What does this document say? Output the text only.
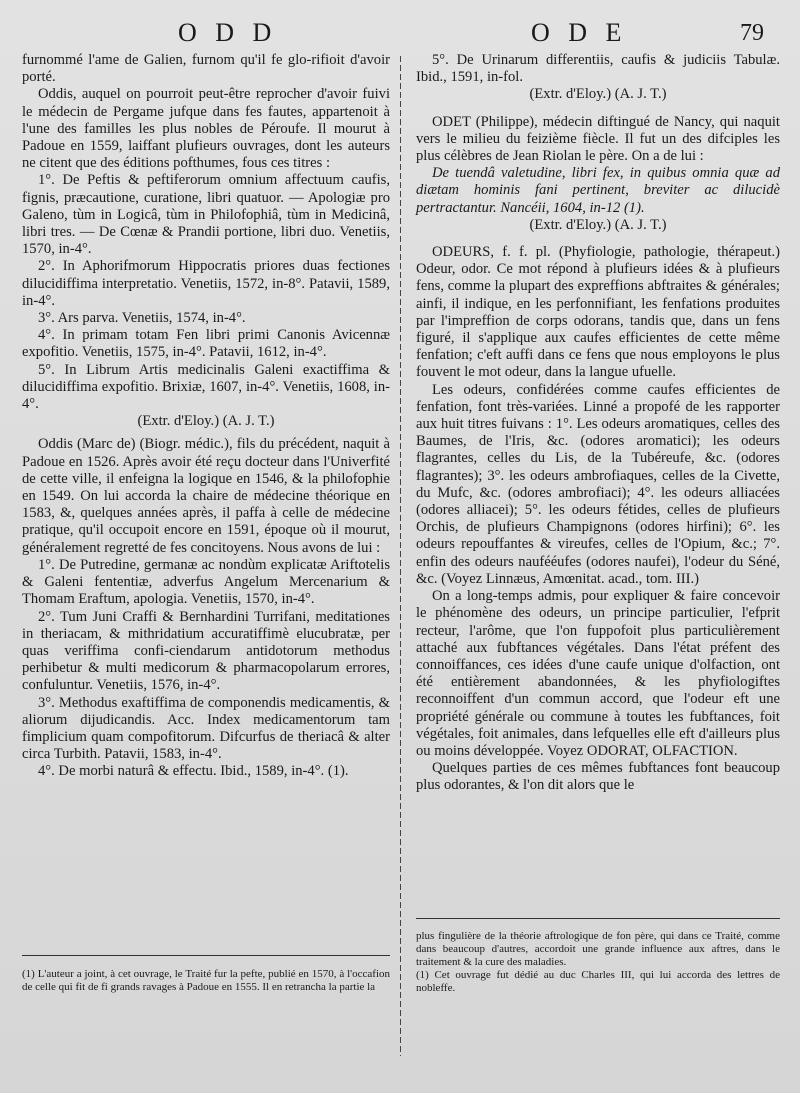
O D D	O D E	79

furnommé l'ame de Galien, furnom qu'il fe glo-rifioit d'avoir porté.

Oddis, auquel on pourroit peut-être reprocher d'avoir fuivi le médecin de Pergame jufque dans fes fautes, appartenoit à l'une des familles les plus nobles de Péroufe. Il mourut à Padoue en 1559, laiffant plufieurs ouvrages, dont les auteurs ne citent que des éditions pofthumes, fous ces titres :

1°. De Peftis & peftiferorum omnium affectuum caufis, fignis, præcautione, curatione, libri quatuor. — Apologiæ pro Galeno, tùm in Logicâ, tùm in Philofophiâ, tùm in Medicinâ, libri tres. — De Cœnæ & Prandii portione, libri duo. Venetiis, 1570, in-4°.

2°. In Aphorifmorum Hippocratis priores duas fectiones dilucidiffima interpretatio. Venetiis, 1572, in-8°. Patavii, 1589, in-4°.

3°. Ars parva. Venetiis, 1574, in-4°.

4°. In primam totam Fen libri primi Canonis Avicennæ expofitio. Venetiis, 1575, in-4°. Patavii, 1612, in-4°.

5°. In Librum Artis medicinalis Galeni exactiffima & dilucidiffima expofitio. Brixiæ, 1607, in-4°. Venetiis, 1608, in-4°.

(Extr. d'Eloy.) (A. J. T.)

Oddis (Marc de) (Biogr. médic.), fils du précédent, naquit à Padoue en 1526. Après avoir été reçu docteur dans l'Univerfité de cette ville, il enfeigna la logique en 1546, & la philofophie en 1549. On lui accorda la chaire de médecine théorique en 1583, &, quelques années après, il paffa à celle de médecine pratique, qu'il occupoit encore en 1591, époque où il mourut, généralement regretté de fes concitoyens. Nous avons de lui :

1°. De Putredine, germanæ ac nondùm explicatæ Ariftotelis & Galeni fententiæ, adverfus Angelum Mercenarium & Thomam Eraftum, apologia. Venetiis, 1570, in-4°.

2°. Tum Juni Craffi & Bernhardini Turrifani, meditationes in theriacam, & mithridatium accuratiffimè elucubratæ, per quas veriffima confi-ciendarum antidotorum methodus perhibetur & multi medicorum & pharmacopolarum errores, confuluntur. Venetiis, 1576, in-4°.

3°. Methodus exaftiffima de componendis medicamentis, & aliorum dijudicandis. Acc. Index medicamentorum tam fimplicium quam compofitorum. Difcurfus de theriacâ & alter circa Turbith. Patavii, 1583, in-4°.

4°. De morbi naturâ & effectu. Ibid., 1589, in-4°. (1).

(1) L'auteur a joint, à cet ouvrage, le Traité fur la pefte, publié en 1570, à l'occafion de celle qui fit de fi grands ravages à Padoue en 1555. Il en retrancha la partie la

5°. De Urinarum differentiis, caufis & judiciis Tabulæ. Ibid., 1591, in-fol.

(Extr. d'Eloy.) (A. J. T.)

ODET (Philippe), médecin diftingué de Nancy, qui naquit vers le milieu du feizième fiècle. Il fut un des difciples les plus célèbres de Jean Riolan le père. On a de lui :

De tuendâ valetudine, libri fex, in quibus omnia quæ ad diætam hominis fani pertinent, breviter ac dilucidè pertractantur. Nancéii, 1604, in-12 (1).

(Extr. d'Eloy.) (A. J. T.)

ODEURS, f. f. pl. (Phyfiologie, pathologie, thérapeut.) Odeur, odor. Ce mot répond à plufieurs idées & à plufieurs fens, comme la plupart des expreffions abftraites & générales; ainfi, il indique, en les perfonnifiant, les fenfations produites par l'impreffion de corps odorans, tandis que, dans un fens figuré, il s'applique aux caufes efficientes de cette même fenfation; c'eft auffi dans ce fens que nous employons le plus fouvent le mot odeur, dans la langue ufuelle.

Les odeurs, confidérées comme caufes efficientes de fenfation, font très-variées. Linné a propofé de les rapporter aux huit titres fuivans : 1°. Les odeurs aromatiques, celles des Baumes, de l'Iris, &c. (odores aromatici); les odeurs flagrantes, celles du Lis, de la Tubéreufe, &c. (odores flagrantes); 3°. les odeurs ambrofiaques, celles de la Civette, du Mufc, &c. (odores ambrofiaci); 4°. les odeurs alliacées (odores alliacei); 5°. les odeurs fétides, celles de plufieurs Orchis, de plufieurs Champignons (odores hirfini); 6°. les odeurs repouffantes & vireufes, celles de l'Opium, &c.; 7°. enfin des odeurs naufééufes (odores naufei), l'odeur du Séné, &c. (Voyez Linnæus, Amœnitat. acad., tom. III.)

On a long-temps admis, pour expliquer & faire concevoir le phénomène des odeurs, un principe particulier, l'efprit recteur, l'arôme, que l'on fuppofoit plus particulièrement attaché aux fubftances végétales. Dans l'état préfent des connoiffances, ces idées d'une caufe unique d'olfaction, ont été entièrement abandonnées, & les phyfiologiftes reconnoiffent d'un commun accord, que l'odeur eft une propriété générale ou commune à toutes les fubftances, foit végétales, foit animales, dans lefquelles elle eft d'ailleurs plus ou moins développée. Voyez ODORAT, OLFACTION.

Quelques parties de ces mêmes fubftances font beaucoup plus odorantes, & l'on dit alors que le

plus fingulière de la théorie aftrologique de fon père, qui dans ce Traité, comme dans beaucoup d'autres, accordoit une grande influence aux aftres, dans le traitement & la cure des maladies.

(1) Cet ouvrage fut dédié au duc Charles III, qui lui accorda des lettres de nobleffe.
